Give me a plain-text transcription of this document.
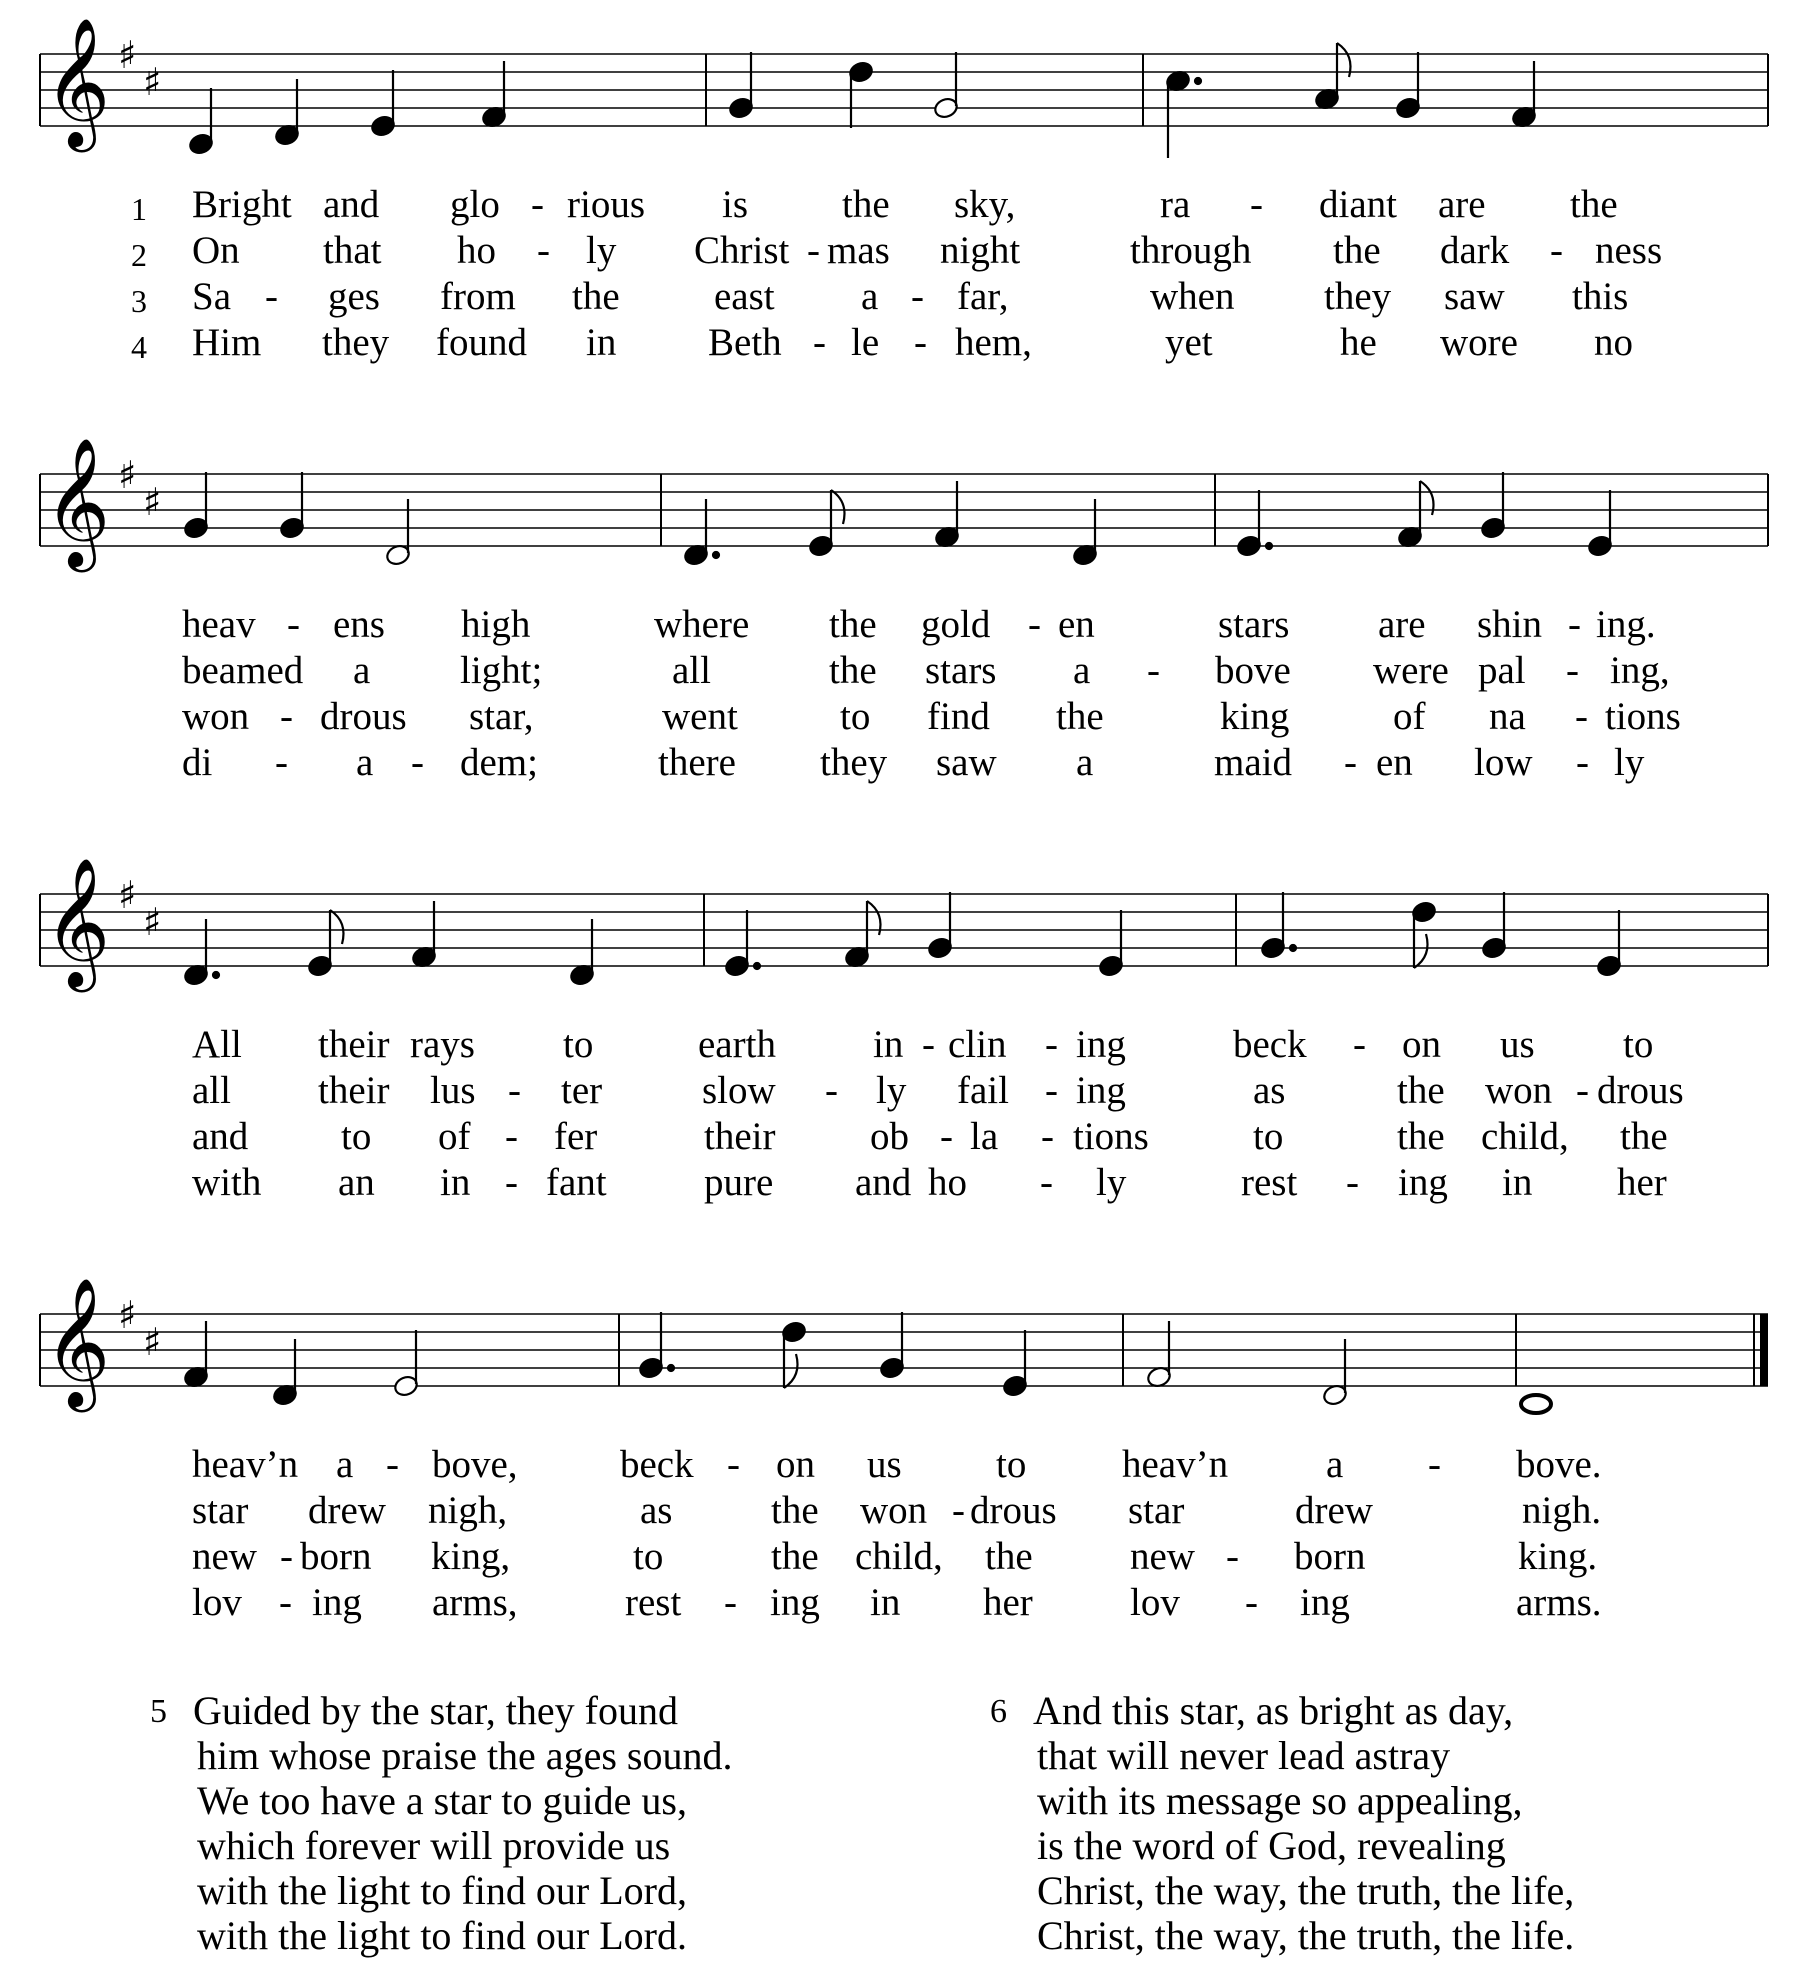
𝄞 ♯
♯
1 Bright and glo - rious is the sky,	ra - diant are the
2 On that ho - ly Christ - mas night	through the dark - ness
3 Sa - ges from the east a - far,	when they saw this
4 Him they found in Beth - le - hem,	yet	he wore no
𝄞 ♯
♯
heav - ens high	where the gold - en	stars are shin - ing.
beamed a light;	all	the stars a - bove were pal - ing,
won - drous star,	went	to find the	king	of na - tions
di - a - dem;	there they saw a	maid - en low - ly
𝄞 ♯
♯
All their rays to	earth in - clin - ing	beck - on us to
all their lus - ter	slow - ly fail - ing	as	the won - drous
and to of - fer	their ob - la - tions	to	the child, the
with an in - fant pure and ho - ly	rest - ing in her
𝄞 ♯
♯
heav’n a - bove,	beck - on us to heav’n	a - bove.
star drew nigh,	as	the won - drous star	drew	nigh.
new - born king,	to	the child, the new - born	king.
lov - ing arms,	rest - ing in her lov - ing	arms.
5 Guided by the star, they found
him whose praise the ages sound.
We too have a star to guide us,
which forever will provide us
with the light to find our Lord,
with the light to find our Lord.
6 And this star, as bright as day,
that will never lead astray
with its message so appealing,
is the word of God, revealing
Christ, the way, the truth, the life,
Christ, the way, the truth, the life.
